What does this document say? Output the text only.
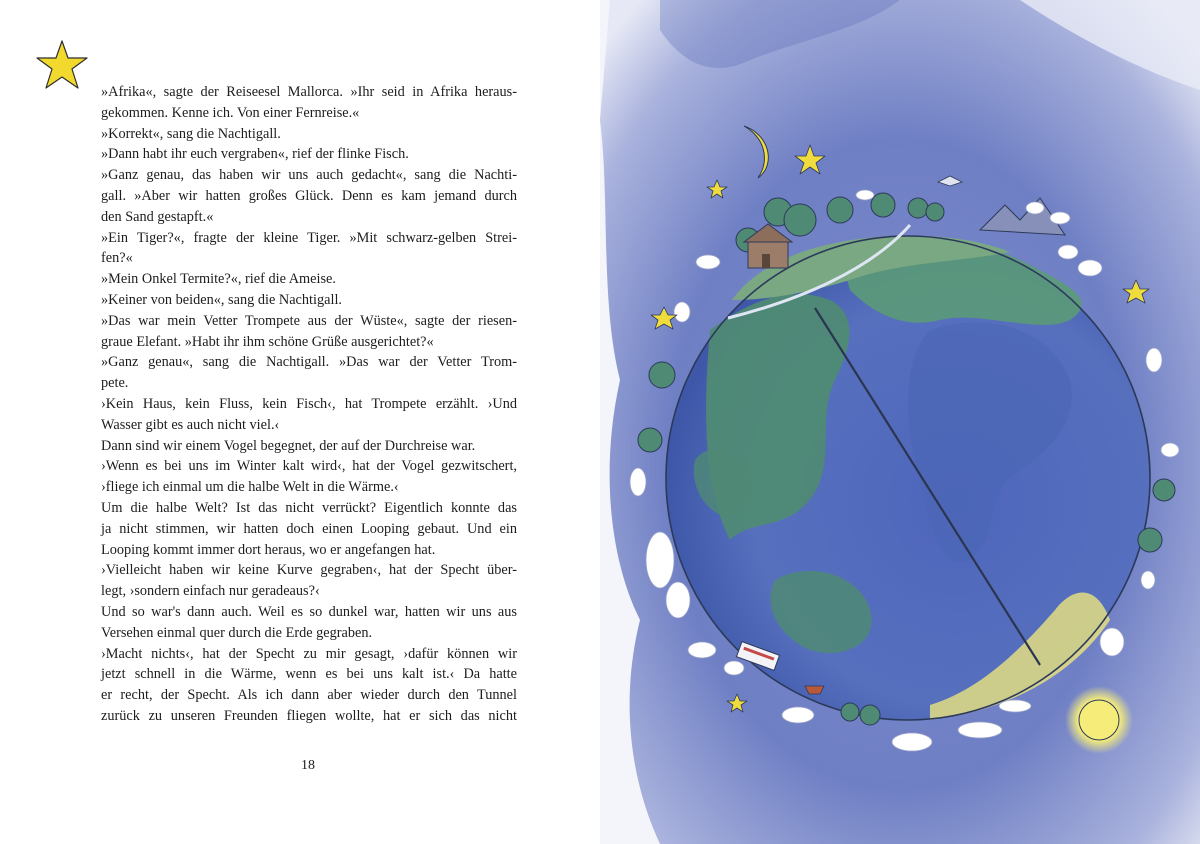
»Afrika«, sagte der Reiseesel Mallorca. »Ihr seid in Afrika heraus-
gekommen. Kenne ich. Von einer Fernreise.«
»Korrekt«, sang die Nachtigall.
»Dann habt ihr euch vergraben«, rief der flinke Fisch.
»Ganz genau, das haben wir uns auch gedacht«, sang die Nachti-
gall. »Aber wir hatten großes Glück. Denn es kam jemand durch
den Sand gestapft.«
»Ein Tiger?«, fragte der kleine Tiger. »Mit schwarz-gelben Strei-
fen?«
»Mein Onkel Termite?«, rief die Ameise.
»Keiner von beiden«, sang die Nachtigall.
»Das war mein Vetter Trompete aus der Wüste«, sagte der riesen-
graue Elefant. »Habt ihr ihm schöne Grüße ausgerichtet?«
»Ganz genau«, sang die Nachtigall. »Das war der Vetter Trom-
pete.
›Kein Haus, kein Fluss, kein Fisch‹, hat Trompete erzählt. ›Und
Wasser gibt es auch nicht viel.‹
Dann sind wir einem Vogel begegnet, der auf der Durchreise war.
›Wenn es bei uns im Winter kalt wird‹, hat der Vogel gezwitschert,
›fliege ich einmal um die halbe Welt in die Wärme.‹
Um die halbe Welt? Ist das nicht verrückt? Eigentlich konnte das
ja nicht stimmen, wir hatten doch einen Looping gebaut. Und ein
Looping kommt immer dort heraus, wo er angefangen hat.
›Vielleicht haben wir keine Kurve gegraben‹, hat der Specht über-
legt, ›sondern einfach nur geradeaus?‹
Und so war's dann auch. Weil es so dunkel war, hatten wir uns aus
Versehen einmal quer durch die Erde gegraben.
›Macht nichts‹, hat der Specht zu mir gesagt, ›dafür können wir
jetzt schnell in die Wärme, wenn es bei uns kalt ist.‹ Da hatte
er recht, der Specht. Als ich dann aber wieder durch den Tunnel
zurück zu unseren Freunden fliegen wollte, hat er sich das nicht
18
